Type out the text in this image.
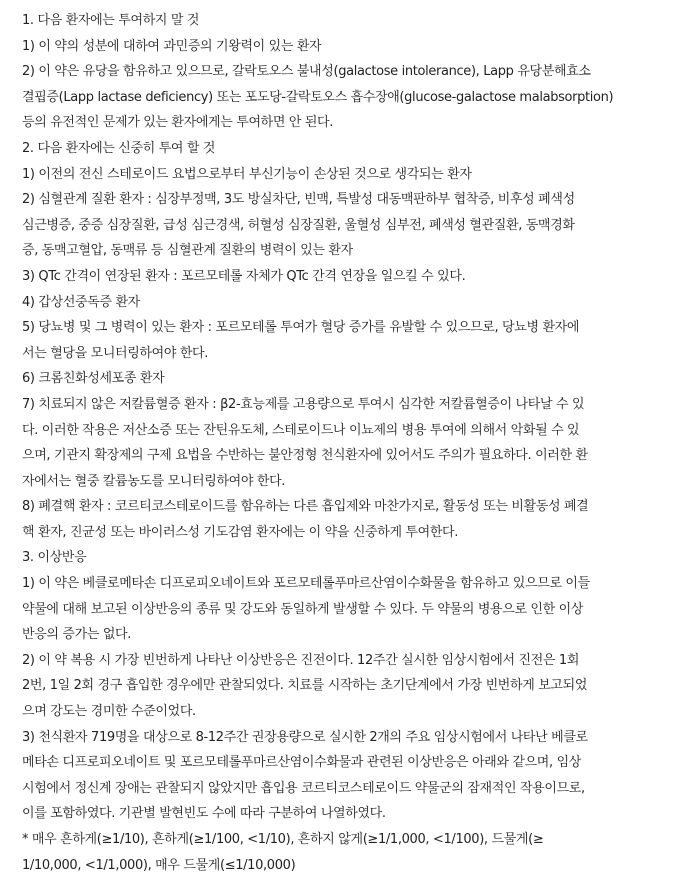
1. 다음 환자에는 투여하지 말 것
1) 이 약의 성분에 대하여 과민증의 기왕력이 있는 환자
2) 이 약은 유당을 함유하고 있으므로, 갈락토오스 불내성(galactose intolerance), Lapp 유당분해효소
결핍증(Lapp lactase deficiency) 또는 포도당-갈락토오스 흡수장애(glucose-galactose malabsorption)
등의 유전적인 문제가 있는 환자에게는 투여하면 안 된다.
2. 다음 환자에는 신중히 투여 할 것
1) 이전의 전신 스테로이드 요법으로부터 부신기능이 손상된 것으로 생각되는 환자
2) 심혈관계 질환 환자 : 심장부정맥, 3도 방실차단, 빈맥, 특발성 대동맥판하부 협착증, 비후성 폐색성
심근병증, 중증 심장질환, 급성 심근경색, 허혈성 심장질환, 울혈성 심부전, 폐색성 혈관질환, 동맥경화
증, 동맥고혈압, 동맥류 등 심혈관계 질환의 병력이 있는 환자
3) QTc 간격이 연장된 환자 : 포르모테롤 자체가 QTc 간격 연장을 일으킬 수 있다.
4) 갑상선중독증 환자
5) 당뇨병 및 그 병력이 있는 환자 : 포르모테롤 투여가 혈당 증가를 유발할 수 있으므로, 당뇨병 환자에
서는 혈당을 모니터링하여야 한다.
6) 크롬친화성세포종 환자
7) 치료되지 않은 저칼륨혈증 환자 : β2-효능제를 고용량으로 투여시 심각한 저칼륨혈증이 나타날 수 있
다. 이러한 작용은 저산소증 또는 잔틴유도체, 스테로이드나 이뇨제의 병용 투여에 의해서 악화될 수 있
으며, 기관지 확장제의 구제 요법을 수반하는 불안정형 천식환자에 있어서도 주의가 필요하다. 이러한 환
자에서는 혈중 칼륨농도를 모니터링하여야 한다.
8) 폐결핵 환자 : 코르티코스테로이드를 함유하는 다른 흡입제와 마찬가지로, 활동성 또는 비활동성 폐결
핵 환자, 진균성 또는 바이러스성 기도감염 환자에는 이 약을 신중하게 투여한다.
3. 이상반응
1) 이 약은 베클로메타손 디프로피오네이트와 포르모테롤푸마르산염이수화물을 함유하고 있으므로 이들
약물에 대해 보고된 이상반응의 종류 및 강도와 동일하게 발생할 수 있다. 두 약물의 병용으로 인한 이상
반응의 증가는 없다.
2) 이 약 복용 시 가장 빈번하게 나타난 이상반응은 진전이다. 12주간 실시한 임상시험에서 진전은 1회
2번, 1일 2회 경구 흡입한 경우에만 관찰되었다. 치료를 시작하는 초기단계에서 가장 빈번하게 보고되었
으며 강도는 경미한 수준이었다.
3) 천식환자 719명을 대상으로 8-12주간 권장용량으로 실시한 2개의 주요 임상시험에서 나타난 베클로
메타손 디프로피오네이트 및 포르모테롤푸마르산염이수화물과 관련된 이상반응은 아래와 같으며, 임상
시험에서 정신계 장애는 관찰되지 않았지만 흡입용 코르티코스테로이드 약물군의 잠재적인 작용이므로,
이를 포함하였다. 기관별 발현빈도 수에 따라 구분하여 나열하였다.
* 매우 흔하게(≥1/10), 흔하게(≥1/100, <1/10), 흔하지 않게(≥1/1,000, <1/100), 드물게(≥
1/10,000, <1/1,000), 매우 드물게(≤1/10,000)
